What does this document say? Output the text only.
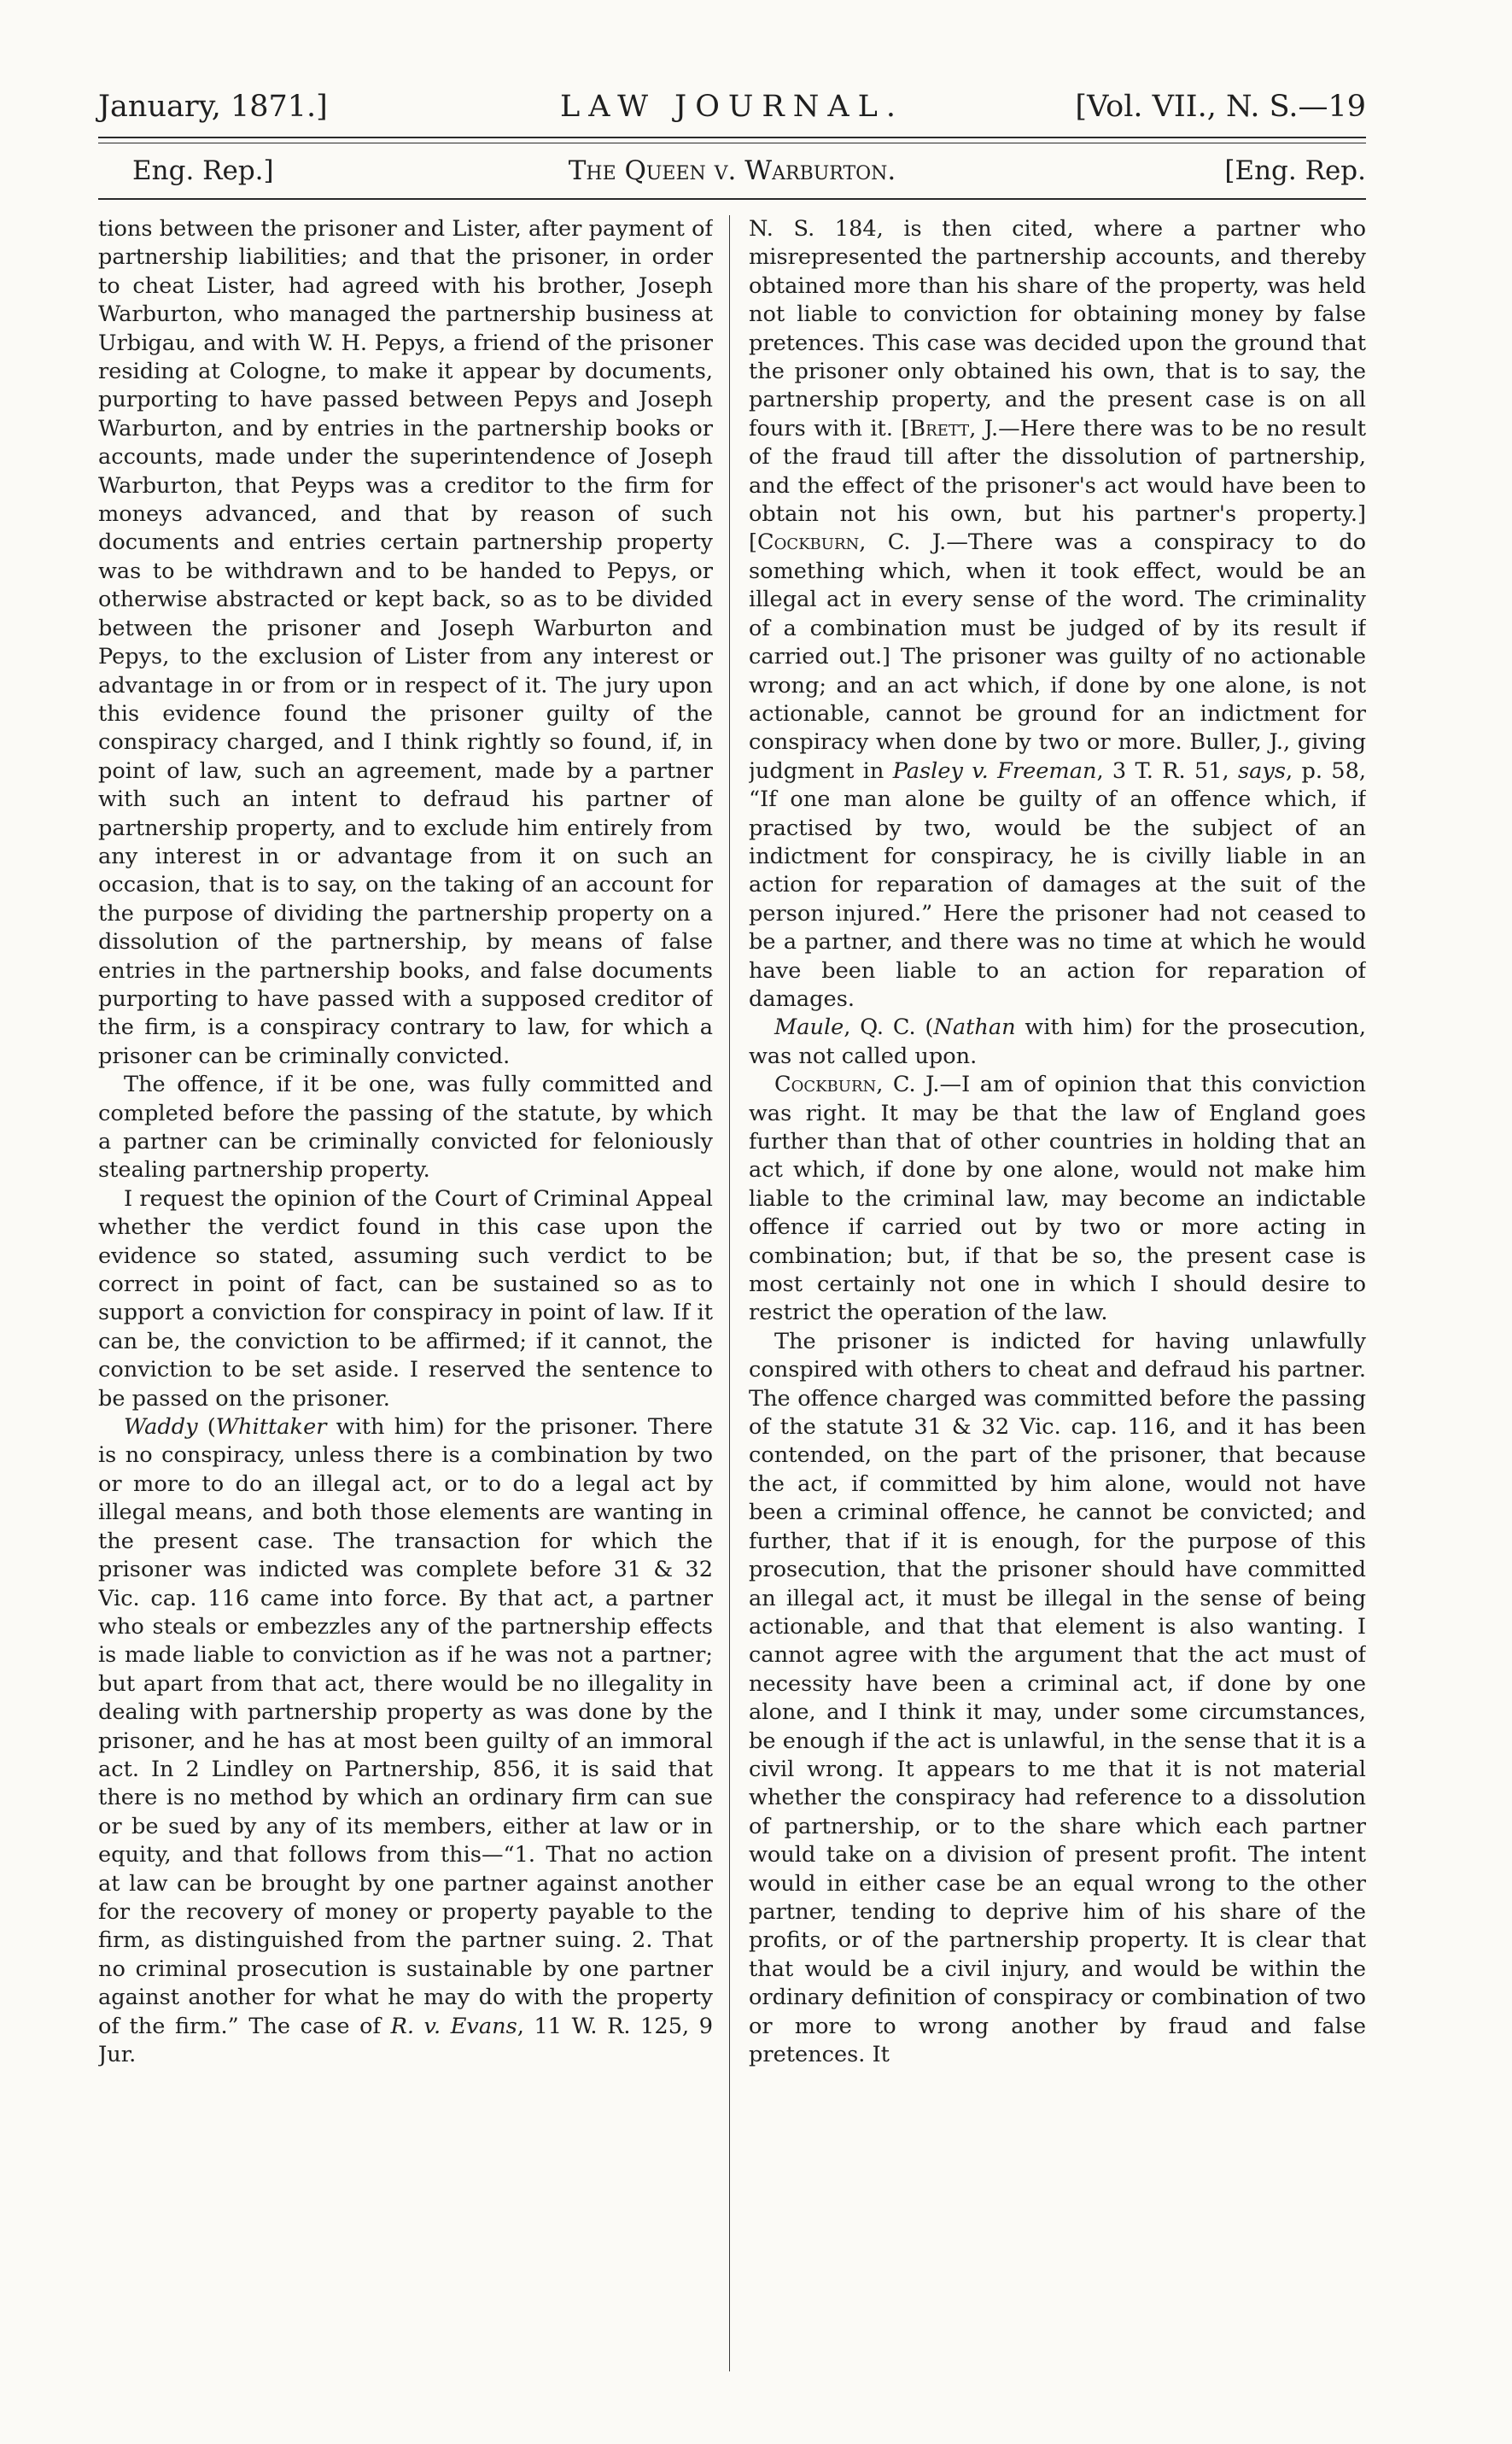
January, 1871.]	LAW JOURNAL.	[Vol. VII., N. S.—19
Eng. Rep.]	The Queen v. Warburton.	[Eng. Rep.

tions between the prisoner and Lister, after payment of partnership liabilities; and that the prisoner, in order to cheat Lister, had agreed with his brother, Joseph Warburton, who managed the partnership business at Urbigau, and with W. H. Pepys, a friend of the prisoner residing at Cologne, to make it appear by documents, purporting to have passed between Pepys and Joseph Warburton, and by entries in the partnership books or accounts, made under the superintendence of Joseph Warburton, that Peyps was a creditor to the firm for moneys advanced, and that by reason of such documents and entries certain partnership property was to be withdrawn and to be handed to Pepys, or otherwise abstracted or kept back, so as to be divided between the prisoner and Joseph Warburton and Pepys, to the exclusion of Lister from any interest or advantage in or from or in respect of it. The jury upon this evidence found the prisoner guilty of the conspiracy charged, and I think rightly so found, if, in point of law, such an agreement, made by a partner with such an intent to defraud his partner of partnership property, and to exclude him entirely from any interest in or advantage from it on such an occasion, that is to say, on the taking of an account for the purpose of dividing the partnership property on a dissolution of the partnership, by means of false entries in the partnership books, and false documents purporting to have passed with a supposed creditor of the firm, is a conspiracy contrary to law, for which a prisoner can be criminally convicted.

The offence, if it be one, was fully committed and completed before the passing of the statute, by which a partner can be criminally convicted for feloniously stealing partnership property.

I request the opinion of the Court of Criminal Appeal whether the verdict found in this case upon the evidence so stated, assuming such verdict to be correct in point of fact, can be sustained so as to support a conviction for conspiracy in point of law. If it can be, the conviction to be affirmed; if it cannot, the conviction to be set aside. I reserved the sentence to be passed on the prisoner.

Waddy (Whittaker with him) for the prisoner. There is no conspiracy, unless there is a combination by two or more to do an illegal act, or to do a legal act by illegal means, and both those elements are wanting in the present case. The transaction for which the prisoner was indicted was complete before 31 & 32 Vic. cap. 116 came into force. By that act, a partner who steals or embezzles any of the partnership effects is made liable to conviction as if he was not a partner; but apart from that act, there would be no illegality in dealing with partnership property as was done by the prisoner, and he has at most been guilty of an immoral act. In 2 Lindley on Partnership, 856, it is said that there is no method by which an ordinary firm can sue or be sued by any of its members, either at law or in equity, and that follows from this—“1. That no action at law can be brought by one partner against another for the recovery of money or property payable to the firm, as distinguished from the partner suing. 2. That no criminal prosecution is sustainable by one partner against another for what he may do with the property of the firm.” The case of R. v. Evans, 11 W. R. 125, 9 Jur.

N. S. 184, is then cited, where a partner who misrepresented the partnership accounts, and thereby obtained more than his share of the property, was held not liable to conviction for obtaining money by false pretences. This case was decided upon the ground that the prisoner only obtained his own, that is to say, the partnership property, and the present case is on all fours with it. [Brett, J.—Here there was to be no result of the fraud till after the dissolution of partnership, and the effect of the prisoner's act would have been to obtain not his own, but his partner's property.] [Cockburn, C. J.—There was a conspiracy to do something which, when it took effect, would be an illegal act in every sense of the word. The criminality of a combination must be judged of by its result if carried out.] The prisoner was guilty of no actionable wrong; and an act which, if done by one alone, is not actionable, cannot be ground for an indictment for conspiracy when done by two or more. Buller, J., giving judgment in Pasley v. Freeman, 3 T. R. 51, says, p. 58, “If one man alone be guilty of an offence which, if practised by two, would be the subject of an indictment for conspiracy, he is civilly liable in an action for reparation of damages at the suit of the person injured.” Here the prisoner had not ceased to be a partner, and there was no time at which he would have been liable to an action for reparation of damages.

Maule, Q. C. (Nathan with him) for the prosecution, was not called upon.

Cockburn, C. J.—I am of opinion that this conviction was right. It may be that the law of England goes further than that of other countries in holding that an act which, if done by one alone, would not make him liable to the criminal law, may become an indictable offence if carried out by two or more acting in combination; but, if that be so, the present case is most certainly not one in which I should desire to restrict the operation of the law.

The prisoner is indicted for having unlawfully conspired with others to cheat and defraud his partner. The offence charged was committed before the passing of the statute 31 & 32 Vic. cap. 116, and it has been contended, on the part of the prisoner, that because the act, if committed by him alone, would not have been a criminal offence, he cannot be convicted; and further, that if it is enough, for the purpose of this prosecution, that the prisoner should have committed an illegal act, it must be illegal in the sense of being actionable, and that that element is also wanting. I cannot agree with the argument that the act must of necessity have been a criminal act, if done by one alone, and I think it may, under some circumstances, be enough if the act is unlawful, in the sense that it is a civil wrong. It appears to me that it is not material whether the conspiracy had reference to a dissolution of partnership, or to the share which each partner would take on a division of present profit. The intent would in either case be an equal wrong to the other partner, tending to deprive him of his share of the profits, or of the partnership property. It is clear that that would be a civil injury, and would be within the ordinary definition of conspiracy or combination of two or more to wrong another by fraud and false pretences. It
